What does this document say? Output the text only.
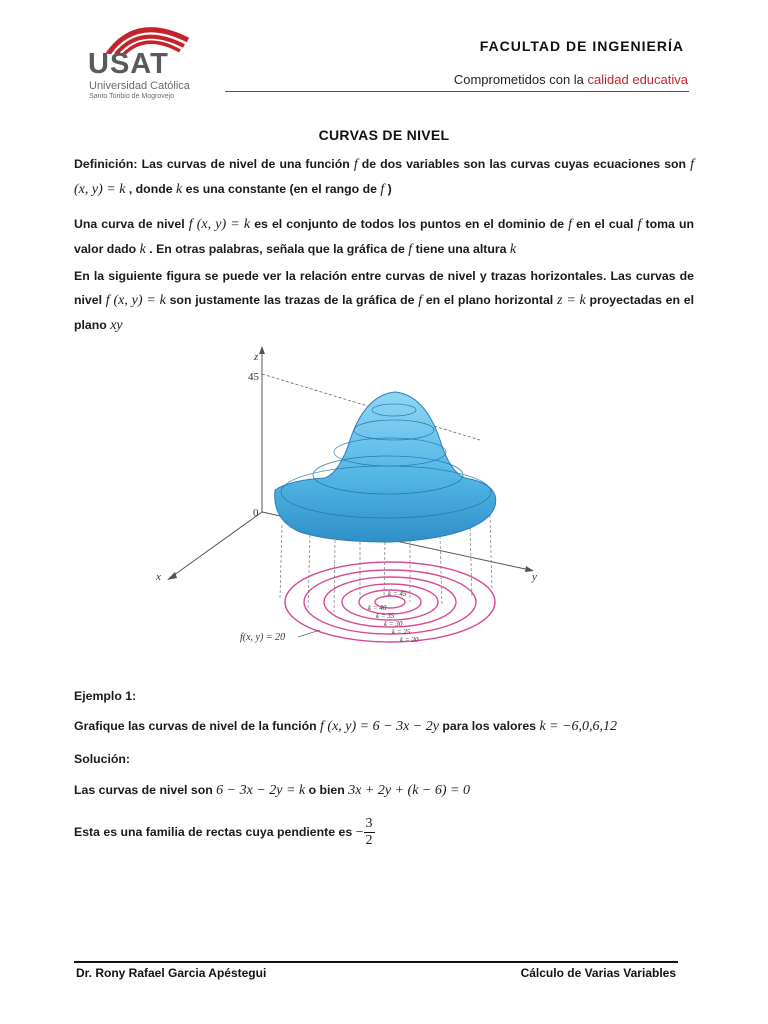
USAT
Universidad Católica
Santo Toribio de Mogrovejo
FACULTAD DE INGENIERÍA
Comprometidos con la calidad educativa
CURVAS DE NIVEL
Definición: Las curvas de nivel de una función f de dos variables son las curvas cuyas ecuaciones son f (x, y) = k , donde k es una constante (en el rango de f )
Una curva de nivel f (x, y) = k es el conjunto de todos los puntos en el dominio de f en el cual f toma un valor dado k . En otras palabras, señala que la gráfica de f tiene una altura k
En la siguiente figura se puede ver la relación entre curvas de nivel y trazas horizontales. Las curvas de nivel f (x, y) = k son justamente las trazas de la gráfica de f en el plano horizontal z = k proyectadas en el plano xy
z
45
0
x	y
f(x, y) = 20
k = 45
k = 40
k = 35
k = 30
k = 25
k = 20
Ejemplo 1:
Grafique las curvas de nivel de la función f (x, y) = 6 − 3x − 2y para los valores k = −6,0,6,12
Solución:
Las curvas de nivel son 6 − 3x − 2y = k o bien 3x + 2y + (k − 6) = 0
Esta es una familia de rectas cuya pendiente es − $\frac{3}{2}$
Dr. Rony Rafael Garcia Apéstegui	Cálculo de Varias Variables
